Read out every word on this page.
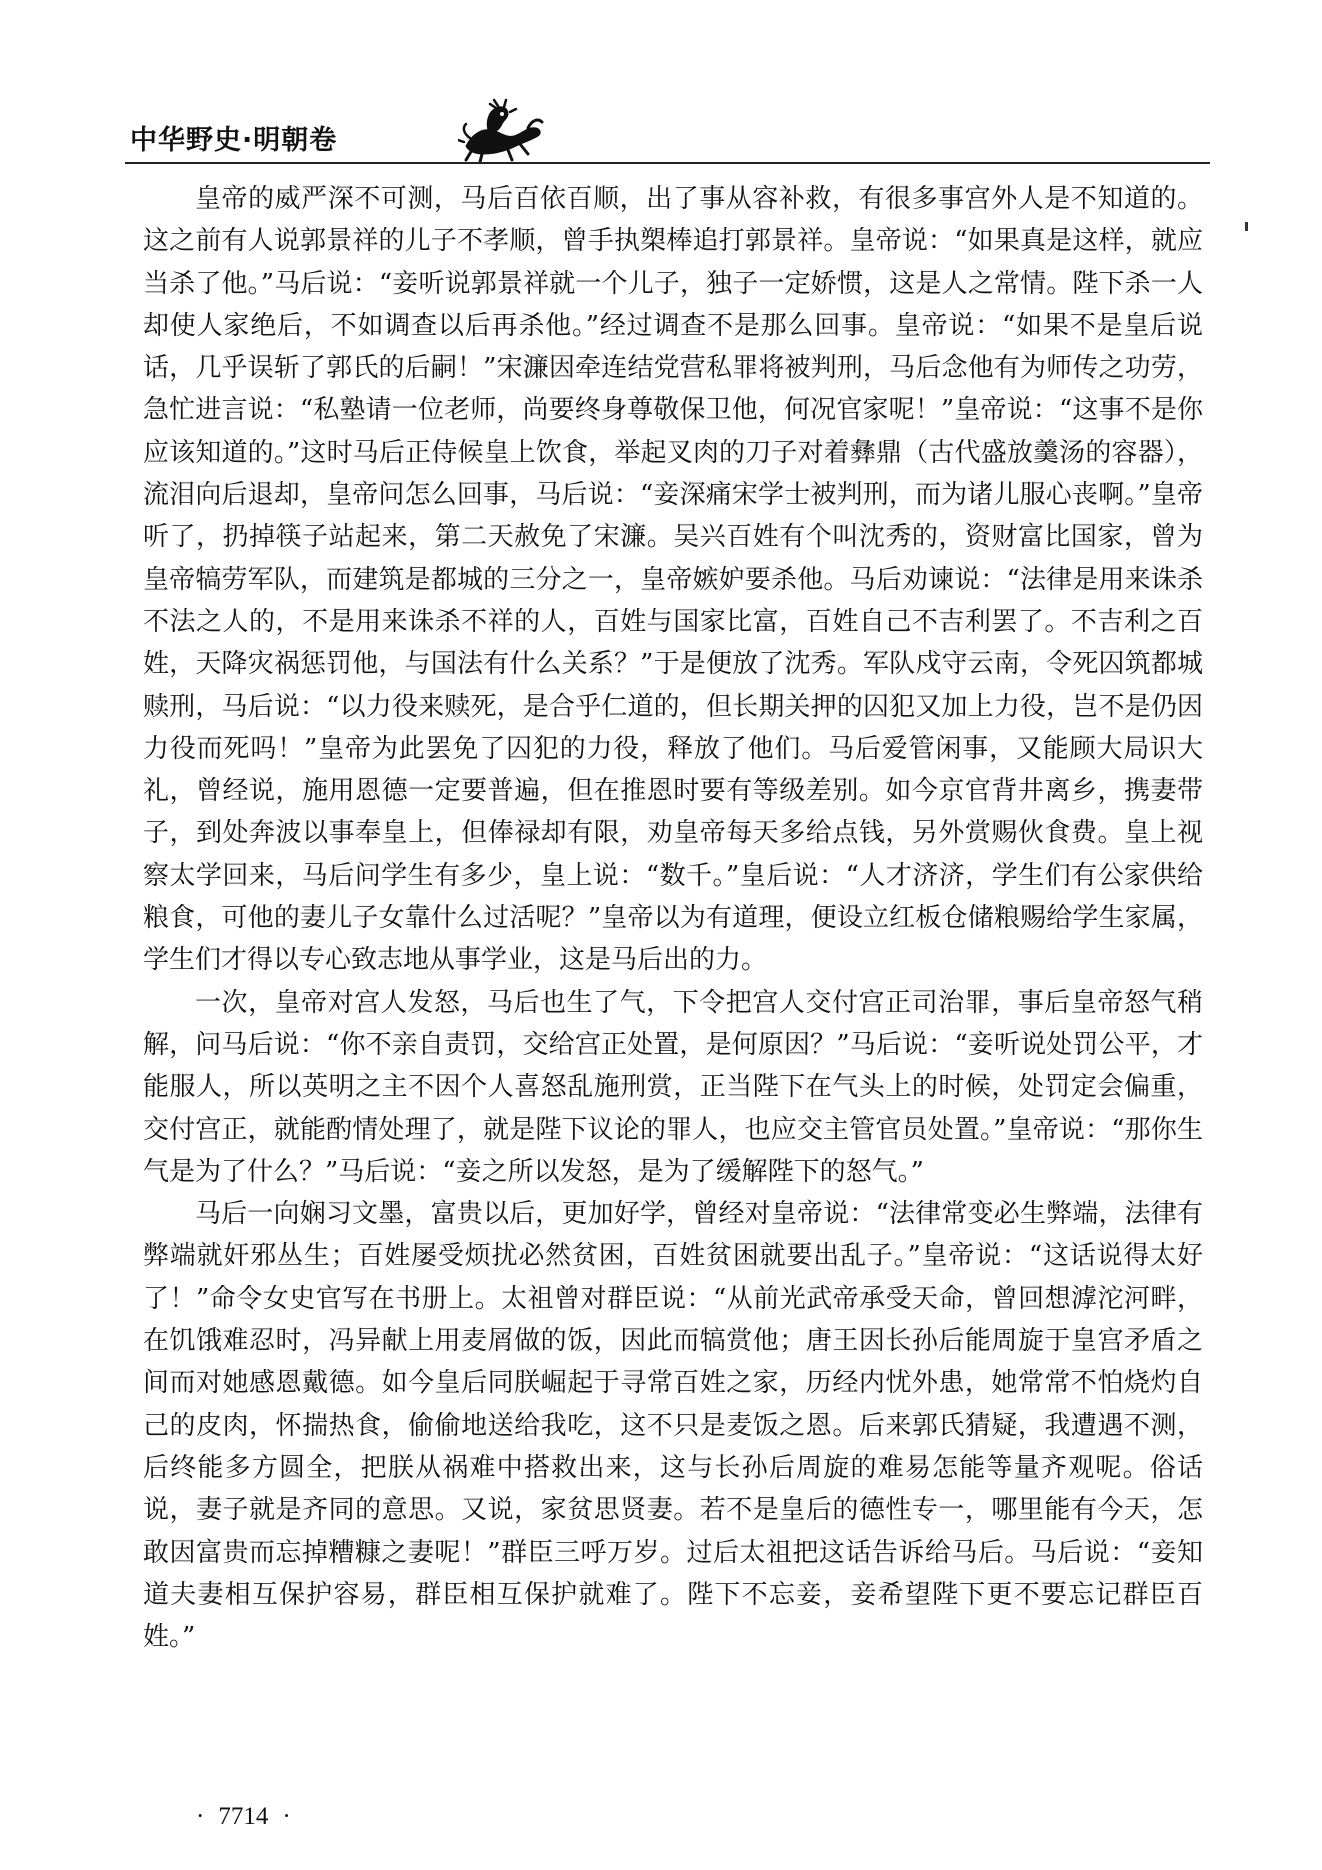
中华野史·明朝卷

皇帝的威严深不可测，马后百依百顺，出了事从容补救，有很多事宫外人是不知道的。这之前有人说郭景祥的儿子不孝顺，曾手执槊棒追打郭景祥。皇帝说：“如果真是这样，就应当杀了他。”马后说：“妾听说郭景祥就一个儿子，独子一定娇惯，这是人之常情。陛下杀一人却使人家绝后，不如调查以后再杀他。”经过调查不是那么回事。皇帝说：“如果不是皇后说话，几乎误斩了郭氏的后嗣！”宋濂因牵连结党营私罪将被判刑，马后念他有为师传之功劳，急忙进言说：“私塾请一位老师，尚要终身尊敬保卫他，何况官家呢！”皇帝说：“这事不是你应该知道的。”这时马后正侍候皇上饮食，举起叉肉的刀子对着彝鼎（古代盛放羹汤的容器），流泪向后退却，皇帝问怎么回事，马后说：“妾深痛宋学士被判刑，而为诸儿服心丧啊。”皇帝听了，扔掉筷子站起来，第二天赦免了宋濂。吴兴百姓有个叫沈秀的，资财富比国家，曾为皇帝犒劳军队，而建筑是都城的三分之一，皇帝嫉妒要杀他。马后劝谏说：“法律是用来诛杀不法之人的，不是用来诛杀不祥的人，百姓与国家比富，百姓自己不吉利罢了。不吉利之百姓，天降灾祸惩罚他，与国法有什么关系？”于是便放了沈秀。军队戍守云南，令死囚筑都城赎刑，马后说：“以力役来赎死，是合乎仁道的，但长期关押的囚犯又加上力役，岂不是仍因力役而死吗！”皇帝为此罢免了囚犯的力役，释放了他们。马后爱管闲事，又能顾大局识大礼，曾经说，施用恩德一定要普遍，但在推恩时要有等级差别。如今京官背井离乡，携妻带子，到处奔波以事奉皇上，但俸禄却有限，劝皇帝每天多给点钱，另外赏赐伙食费。皇上视察太学回来，马后问学生有多少，皇上说：“数千。”皇后说：“人才济济，学生们有公家供给粮食，可他的妻儿子女靠什么过活呢？”皇帝以为有道理，便设立红板仓储粮赐给学生家属，学生们才得以专心致志地从事学业，这是马后出的力。

一次，皇帝对宫人发怒，马后也生了气，下令把宫人交付宫正司治罪，事后皇帝怒气稍解，问马后说：“你不亲自责罚，交给宫正处置，是何原因？”马后说：“妾听说处罚公平，才能服人，所以英明之主不因个人喜怒乱施刑赏，正当陛下在气头上的时候，处罚定会偏重，交付宫正，就能酌情处理了，就是陛下议论的罪人，也应交主管官员处置。”皇帝说：“那你生气是为了什么？”马后说：“妾之所以发怒，是为了缓解陛下的怒气。”

马后一向娴习文墨，富贵以后，更加好学，曾经对皇帝说：“法律常变必生弊端，法律有弊端就奸邪丛生；百姓屡受烦扰必然贫困，百姓贫困就要出乱子。”皇帝说：“这话说得太好了！”命令女史官写在书册上。太祖曾对群臣说：“从前光武帝承受天命，曾回想滹沱河畔，在饥饿难忍时，冯异献上用麦屑做的饭，因此而犒赏他；唐王因长孙后能周旋于皇宫矛盾之间而对她感恩戴德。如今皇后同朕崛起于寻常百姓之家，历经内忧外患，她常常不怕烧灼自己的皮肉，怀揣热食，偷偷地送给我吃，这不只是麦饭之恩。后来郭氏猜疑，我遭遇不测，后终能多方圆全，把朕从祸难中搭救出来，这与长孙后周旋的难易怎能等量齐观呢。俗话说，妻子就是齐同的意思。又说，家贫思贤妻。若不是皇后的德性专一，哪里能有今天，怎敢因富贵而忘掉糟糠之妻呢！”群臣三呼万岁。过后太祖把这话告诉给马后。马后说：“妾知道夫妻相互保护容易，群臣相互保护就难了。陛下不忘妾，妾希望陛下更不要忘记群臣百姓。”

· 7714 ·
